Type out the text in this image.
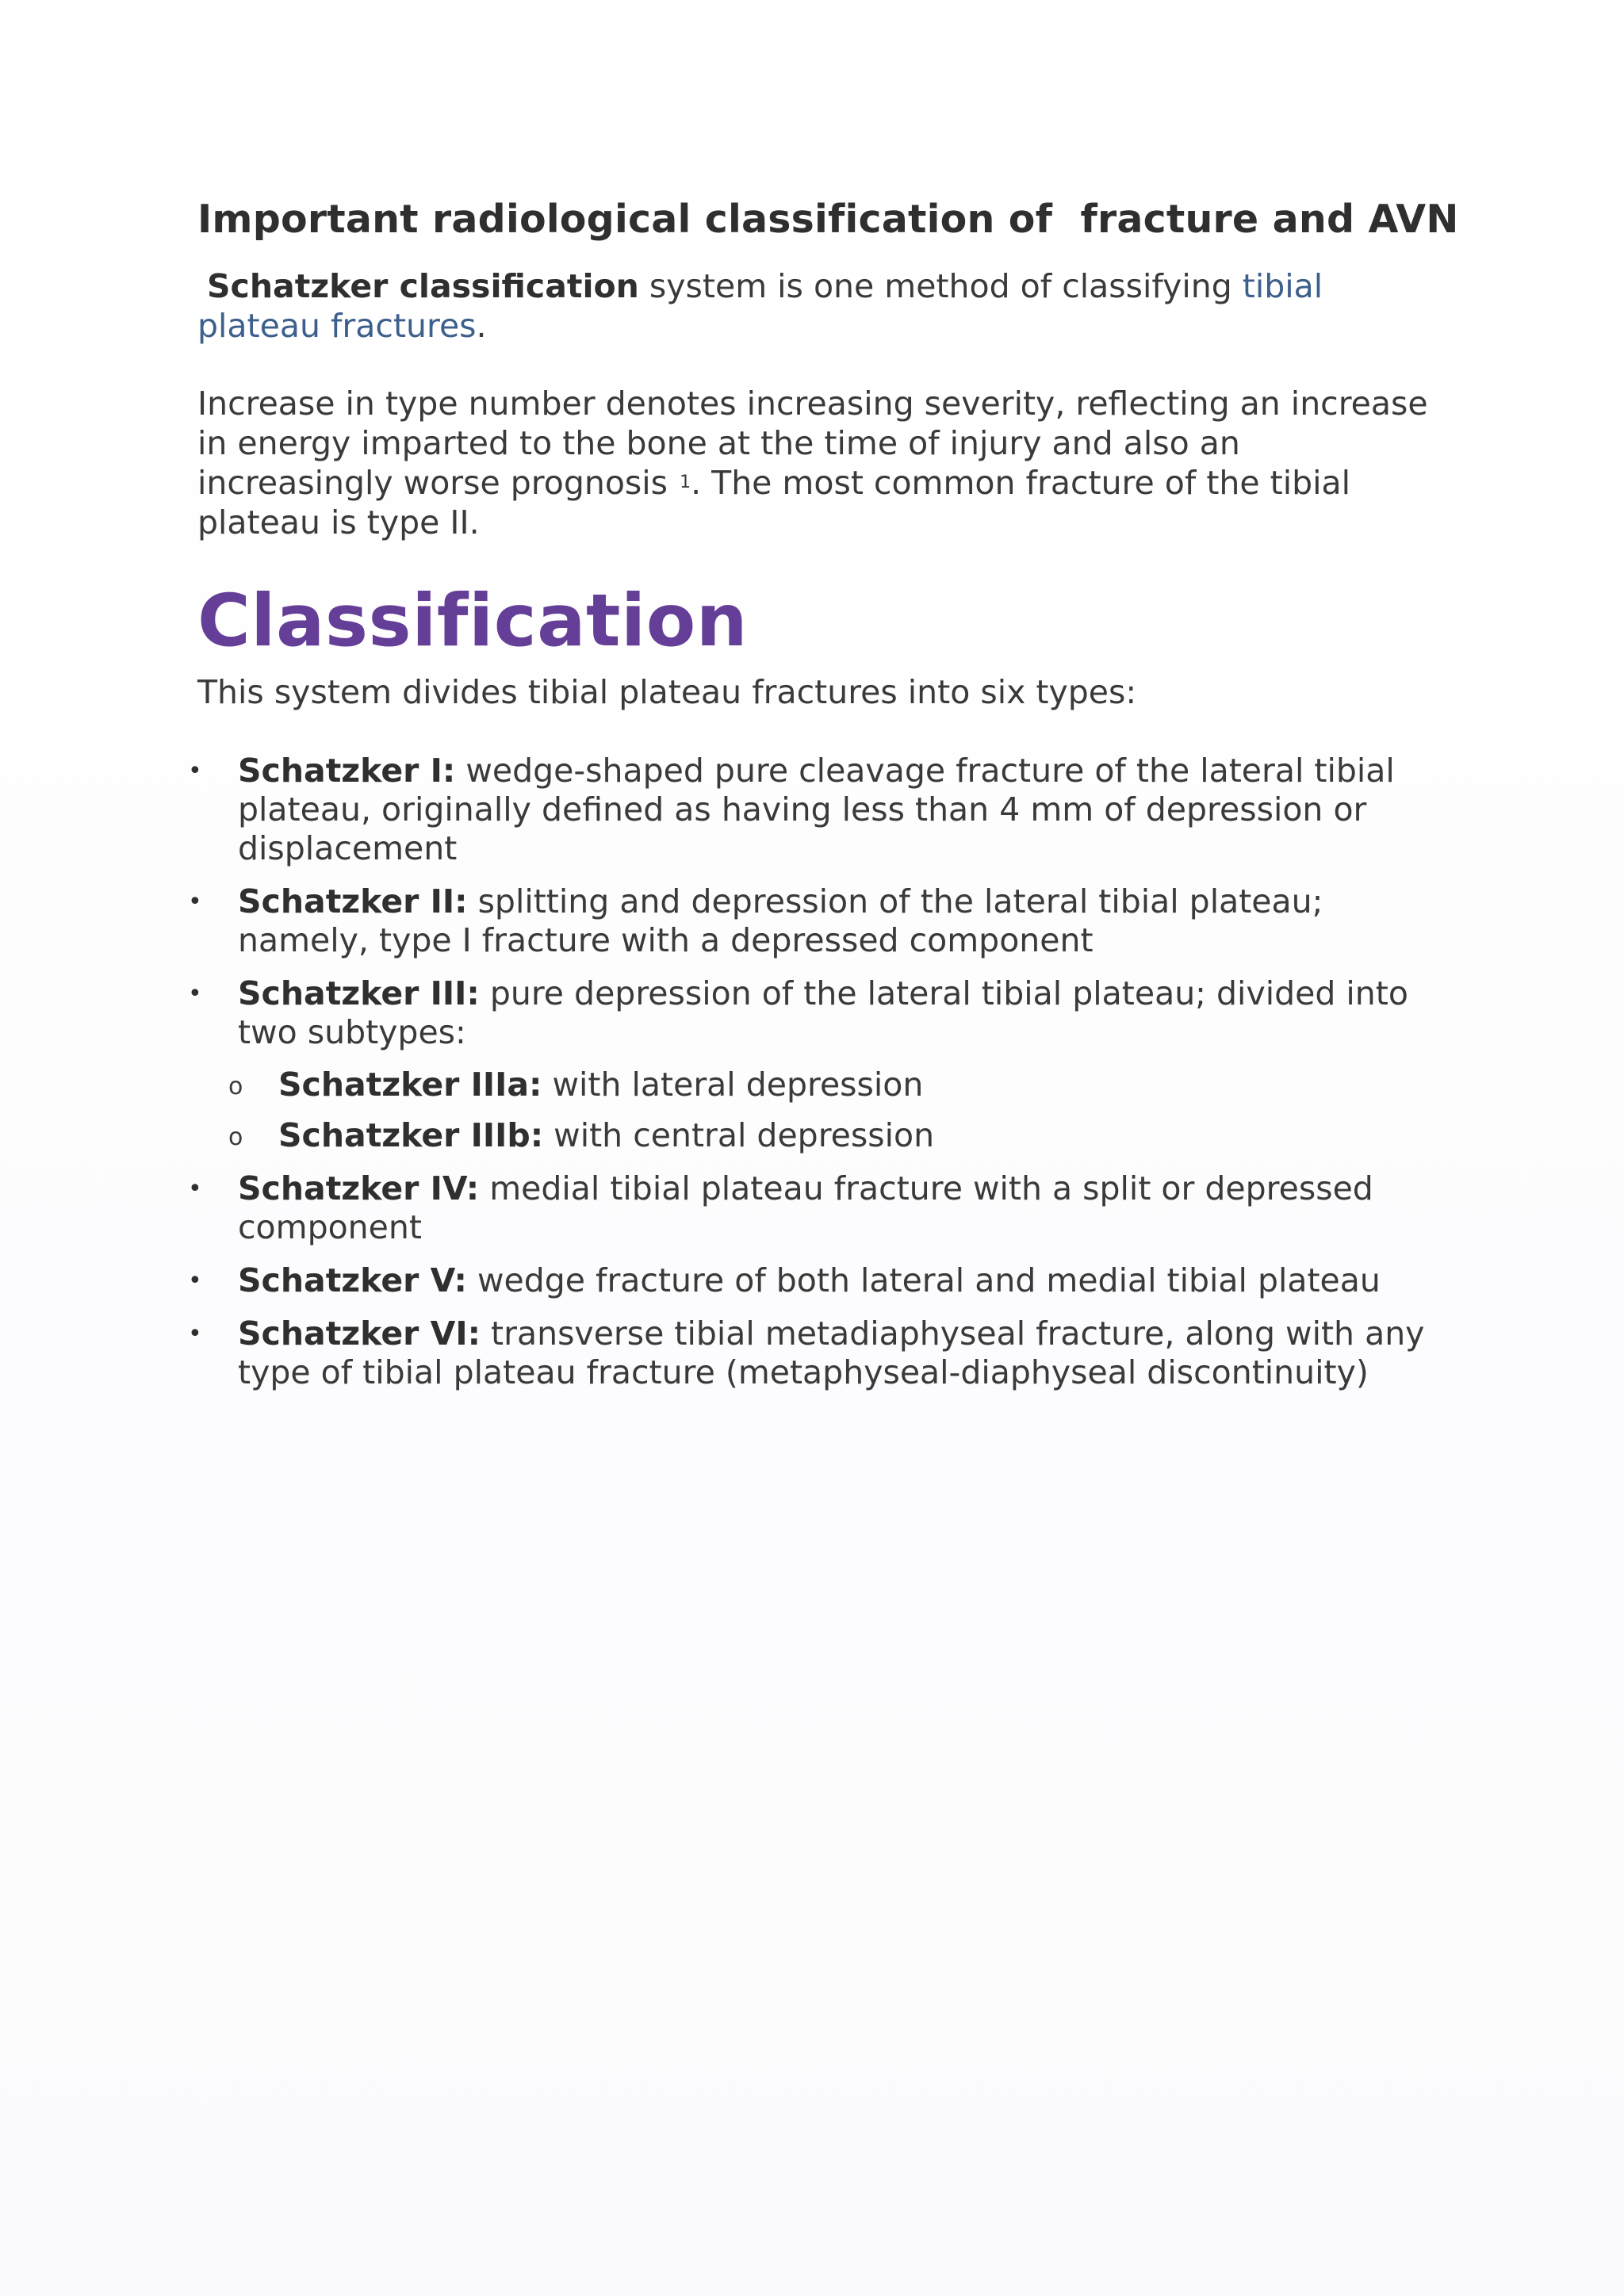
Important radiological classification of fracture and AVN

Schatzker classification system is one method of classifying tibial plateau fractures.

Increase in type number denotes increasing severity, reflecting an increase in energy imparted to the bone at the time of injury and also an increasingly worse prognosis $^1$. The most common fracture of the tibial plateau is type II.

Classification

This system divides tibial plateau fractures into six types:

• Schatzker I: wedge-shaped pure cleavage fracture of the lateral tibial plateau, originally defined as having less than 4 mm of depression or displacement
• Schatzker II: splitting and depression of the lateral tibial plateau; namely, type I fracture with a depressed component
• Schatzker III: pure depression of the lateral tibial plateau; divided into two subtypes:
o Schatzker IIIa: with lateral depression
o Schatzker IIIb: with central depression
• Schatzker IV: medial tibial plateau fracture with a split or depressed component
• Schatzker V: wedge fracture of both lateral and medial tibial plateau
• Schatzker VI: transverse tibial metadiaphyseal fracture, along with any type of tibial plateau fracture (metaphyseal-diaphyseal discontinuity)
